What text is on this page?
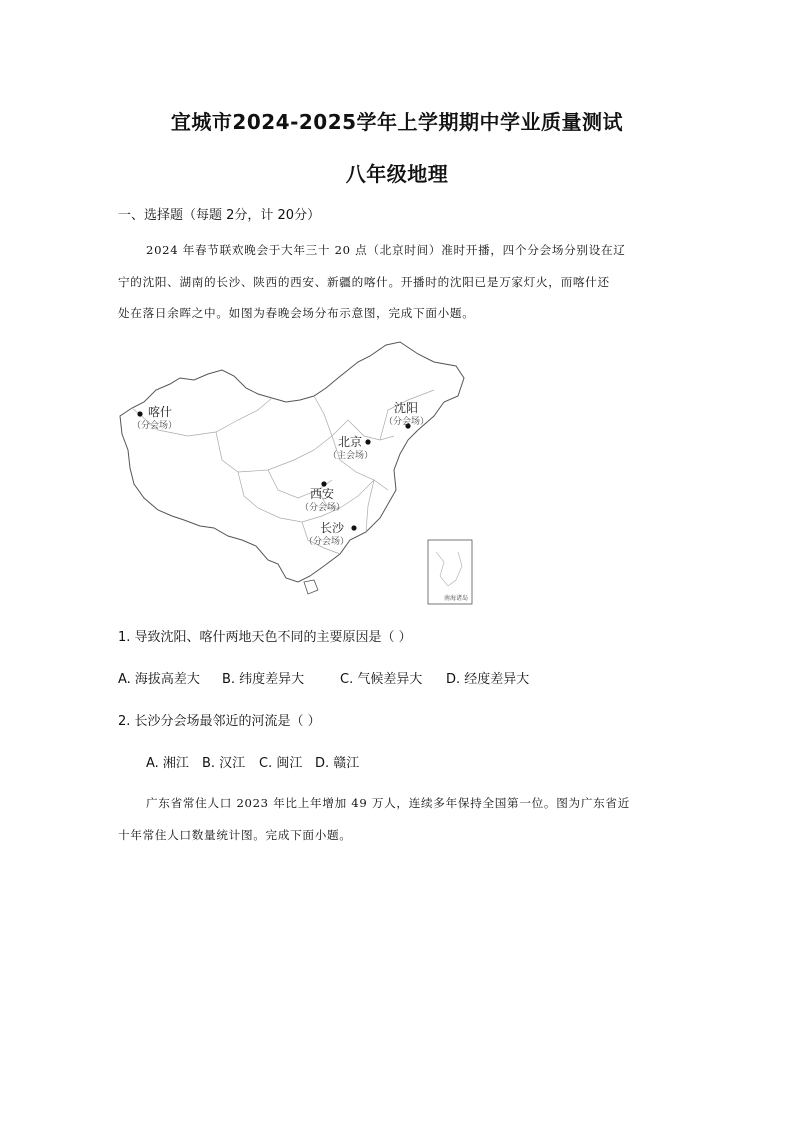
宜城市2024-2025学年上学期期中学业质量测试
八年级地理
一、选择题（每题 2分，计 20分）
2024 年春节联欢晚会于大年三十 20 点（北京时间）准时开播，四个分会场分别设在辽
宁的沈阳、湖南的长沙、陕西的西安、新疆的喀什。开播时的沈阳已是万家灯火，而喀什还
处在落日余晖之中。如图为春晚会场分布示意图，完成下面小题。
南海诸岛
喀什
（分会场）
沈阳
（分会场）
北京
（主会场）
西安
（分会场）
长沙
（分会场）
1. 导致沈阳、喀什两地天色不同的主要原因是（ ）
A. 海拔高差大 B. 纬度差异大	C. 气候差异大 D. 经度差异大
2. 长沙分会场最邻近的河流是（ ）
A. 湘江 B. 汉江 C. 闽江 D. 赣江
广东省常住人口 2023 年比上年增加 49 万人，连续多年保持全国第一位。图为广东省近
十年常住人口数量统计图。完成下面小题。
